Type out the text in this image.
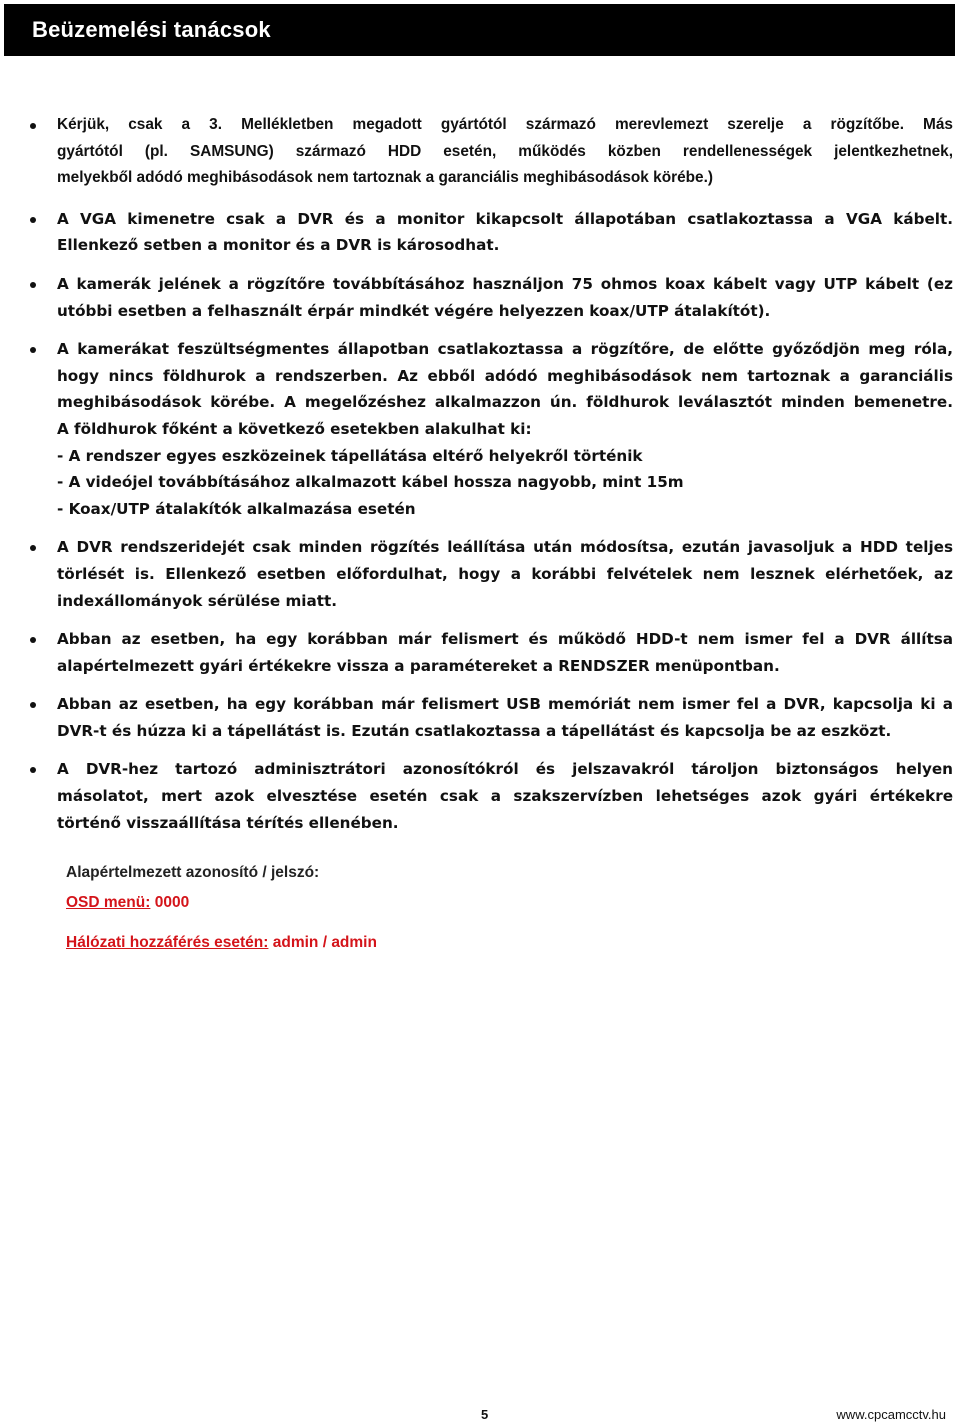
Beüzemelési tanácsok

Kérjük, csak a 3. Mellékletben megadott gyártótól származó merevlemezt szerelje a rögzítőbe. Más
gyártótól (pl. SAMSUNG) származó HDD esetén, működés közben rendellenességek jelentkezhetnek,
melyekből adódó meghibásodások nem tartoznak a garanciális meghibásodások körébe.)

A VGA kimenetre csak a DVR és a monitor kikapcsolt állapotában csatlakoztassa a VGA kábelt.
Ellenkező setben a monitor és a DVR is károsodhat.

A kamerák jelének a rögzítőre továbbításához használjon 75 ohmos koax kábelt vagy UTP kábelt (ez
utóbbi esetben a felhasznált érpár mindkét végére helyezzen koax/UTP átalakítót).

A kamerákat feszültségmentes állapotban csatlakoztassa a rögzítőre, de előtte győződjön meg róla,
hogy nincs földhurok a rendszerben. Az ebből adódó meghibásodások nem tartoznak a garanciális
meghibásodások körébe. A megelőzéshez alkalmazzon ún. földhurok leválasztót minden bemenetre.
A földhurok főként a következő esetekben alakulhat ki:
- A rendszer egyes eszközeinek tápellátása eltérő helyekről történik
- A videójel továbbításához alkalmazott kábel hossza nagyobb, mint 15m
- Koax/UTP átalakítók alkalmazása esetén

A DVR rendszeridejét csak minden rögzítés leállítása után módosítsa, ezután javasoljuk a HDD teljes
törlését is. Ellenkező esetben előfordulhat, hogy a korábbi felvételek nem lesznek elérhetőek, az
indexállományok sérülése miatt.

Abban az esetben, ha egy korábban már felismert és működő HDD-t nem ismer fel a DVR állítsa
alapértelmezett gyári értékekre vissza a paramétereket a RENDSZER menüpontban.

Abban az esetben, ha egy korábban már felismert USB memóriát nem ismer fel a DVR, kapcsolja ki a
DVR-t és húzza ki a tápellátást is. Ezután csatlakoztassa a tápellátást és kapcsolja be az eszközt.

A DVR-hez tartozó adminisztrátori azonosítókról és jelszavakról tároljon biztonságos helyen
másolatot, mert azok elvesztése esetén csak a szakszervízben lehetséges azok gyári értékekre
történő visszaállítása térítés ellenében.

Alapértelmezett azonosító / jelszó:
OSD menü: 0000
Hálózati hozzáférés esetén: admin / admin
5	www.cpcamcctv.hu
